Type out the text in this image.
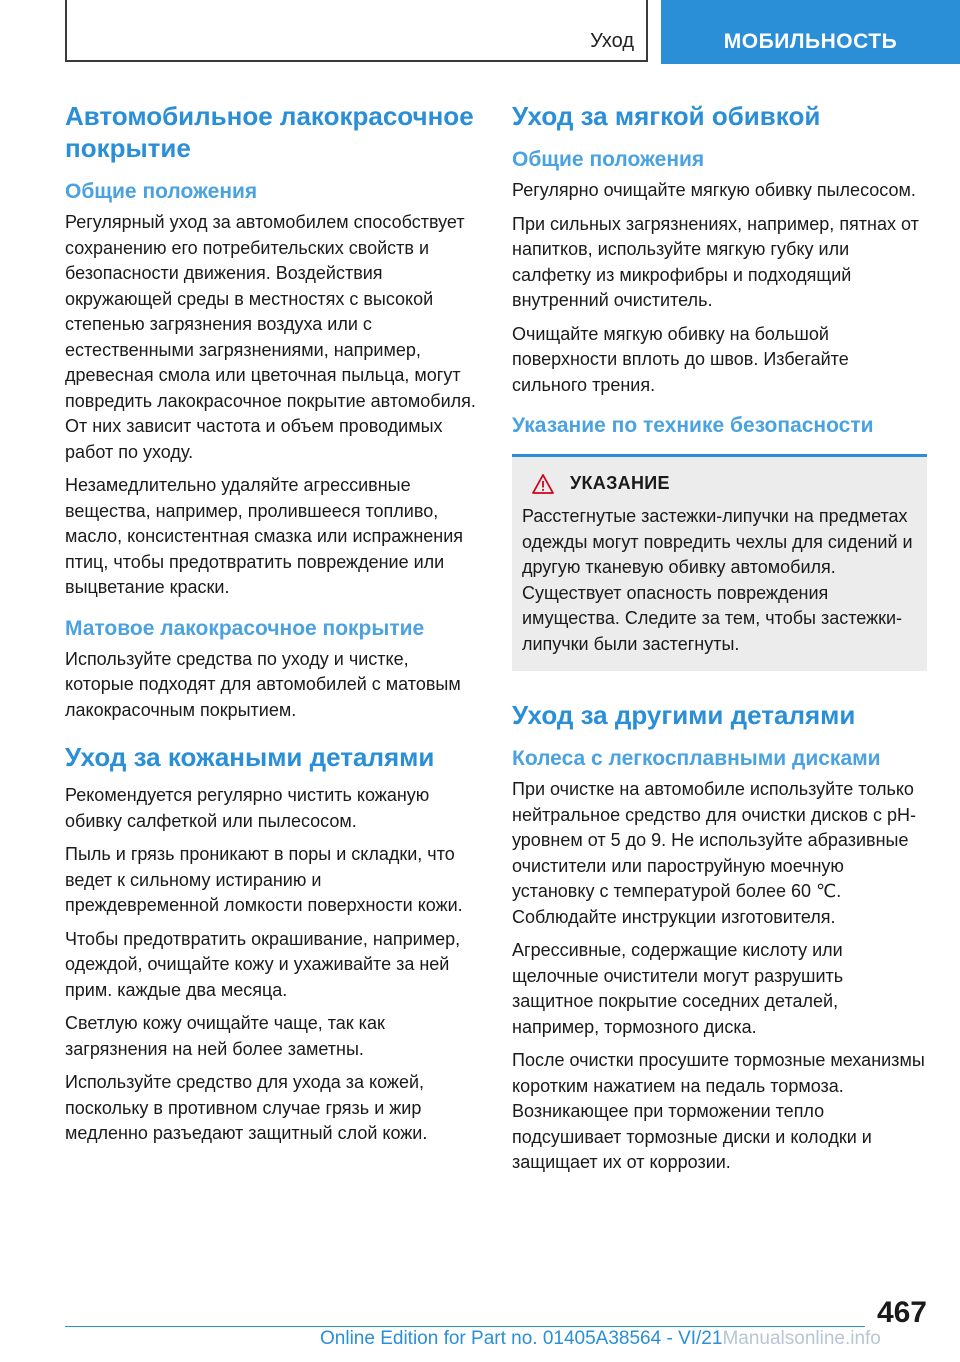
Уход	МОБИЛЬНОСТЬ
Автомобильное лакокрасочное покрытие
Общие положения

Регулярный уход за автомобилем способствует сохранению его потребительских свойств и безопасности движения. Воздействия окружающей среды в местностях с высокой степенью загрязнения воздуха или с естественными загрязнениями, например, древесная смола или цветочная пыльца, могут повредить лакокрасочное покрытие автомобиля. От них зависит частота и объем проводимых работ по уходу.

Незамедлительно удаляйте агрессивные вещества, например, пролившееся топливо, масло, консистентная смазка или испражнения птиц, чтобы предотвратить повреждение или выцветание краски.

Матовое лакокрасочное покрытие

Используйте средства по уходу и чистке, которые подходят для автомобилей с матовым лакокрасочным покрытием.

Уход за кожаными деталями

Рекомендуется регулярно чистить кожаную обивку салфеткой или пылесосом.

Пыль и грязь проникают в поры и складки, что ведет к сильному истиранию и преждевременной ломкости поверхности кожи.

Чтобы предотвратить окрашивание, например, одеждой, очищайте кожу и ухаживайте за ней прим. каждые два месяца.

Светлую кожу очищайте чаще, так как загрязнения на ней более заметны.

Используйте средство для ухода за кожей, поскольку в противном случае грязь и жир медленно разъедают защитный слой кожи.

Уход за мягкой обивкой
Общие положения

Регулярно очищайте мягкую обивку пылесосом.

При сильных загрязнениях, например, пятнах от напитков, используйте мягкую губку или салфетку из микрофибры и подходящий внутренний очиститель.

Очищайте мягкую обивку на большой поверхности вплоть до швов. Избегайте сильного трения.

Указание по технике безопасности
УКАЗАНИЕ

Расстегнутые застежки-липучки на предметах одежды могут повредить чехлы для сидений и другую тканевую обивку автомобиля. Существует опасность повреждения имущества. Следите за тем, чтобы застежки-липучки были застегнуты.

Уход за другими деталями
Колеса с легкосплавными дисками

При очистке на автомобиле используйте только нейтральное средство для очистки дисков с pH-уровнем от 5 до 9. Не используйте абразивные очистители или пароструйную моечную установку с температурой более 60 ℃. Соблюдайте инструкции изготовителя.

Агрессивные, содержащие кислоту или щелочные очистители могут разрушить защитное покрытие соседних деталей, например, тормозного диска.

После очистки просушите тормозные механизмы коротким нажатием на педаль тормоза. Возникающее при торможении тепло подсушивает тормозные диски и колодки и защищает их от коррозии.

467
Online Edition for Part no. 01405A38564 - VI/21Manualsonline.info
